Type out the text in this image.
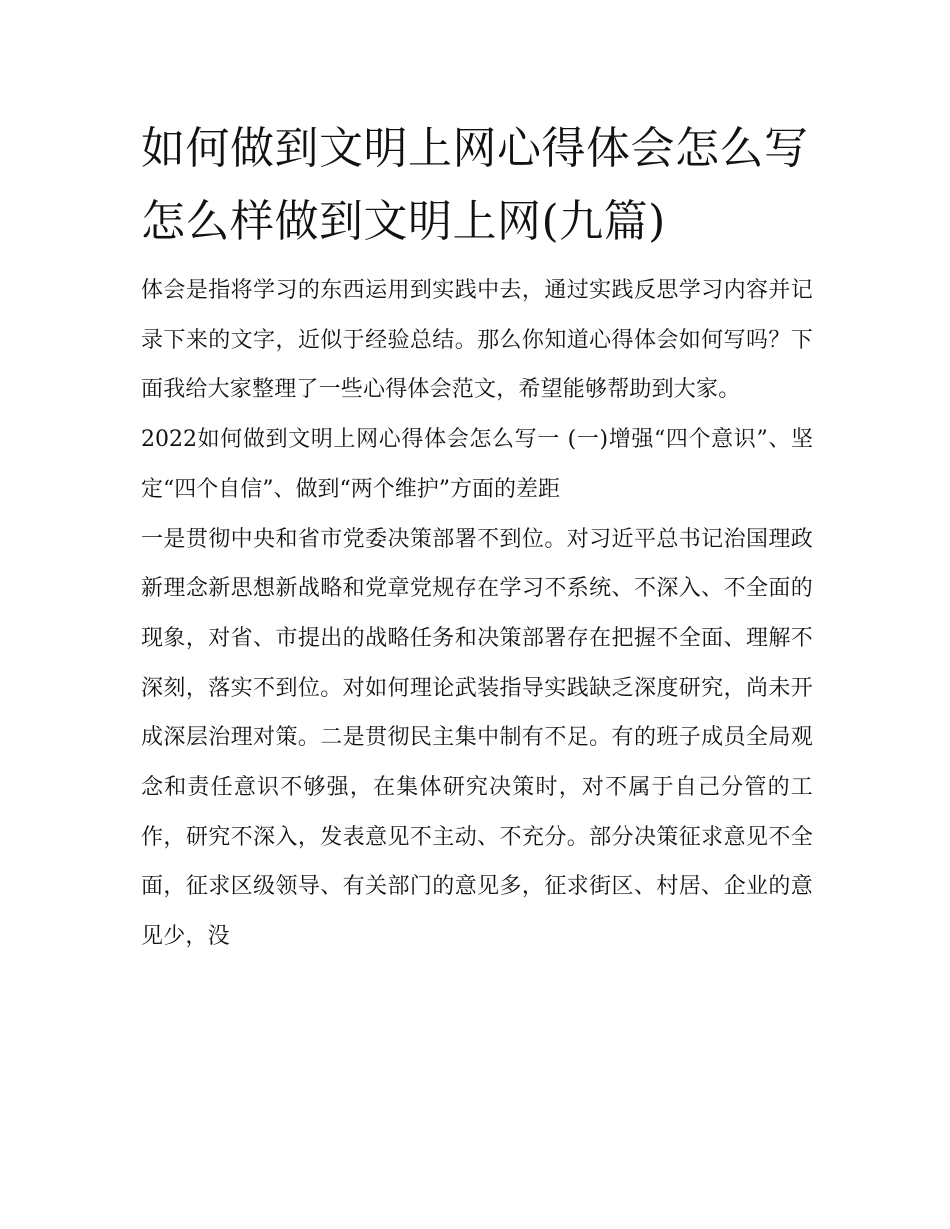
如何做到文明上网心得体会怎么写 怎么样做到文明上网(九篇)

体会是指将学习的东西运用到实践中去，通过实践反思学习内容并记录下来的文字，近似于经验总结。那么你知道心得体会如何写吗？下面我给大家整理了一些心得体会范文，希望能够帮助到大家。

2022如何做到文明上网心得体会怎么写一 (一)增强“四个意识”、坚定“四个自信”、做到“两个维护”方面的差距

一是贯彻中央和省市党委决策部署不到位。对习近平总书记治国理政新理念新思想新战略和党章党规存在学习不系统、不深入、不全面的现象，对省、市提出的战略任务和决策部署存在把握不全面、理解不深刻，落实不到位。对如何理论武装指导实践缺乏深度研究，尚未开成深层治理对策。二是贯彻民主集中制有不足。有的班子成员全局观念和责任意识不够强，在集体研究决策时，对不属于自己分管的工作，研究不深入，发表意见不主动、不充分。部分决策征求意见不全面，征求区级领导、有关部门的意见多，征求街区、村居、企业的意见少，没
